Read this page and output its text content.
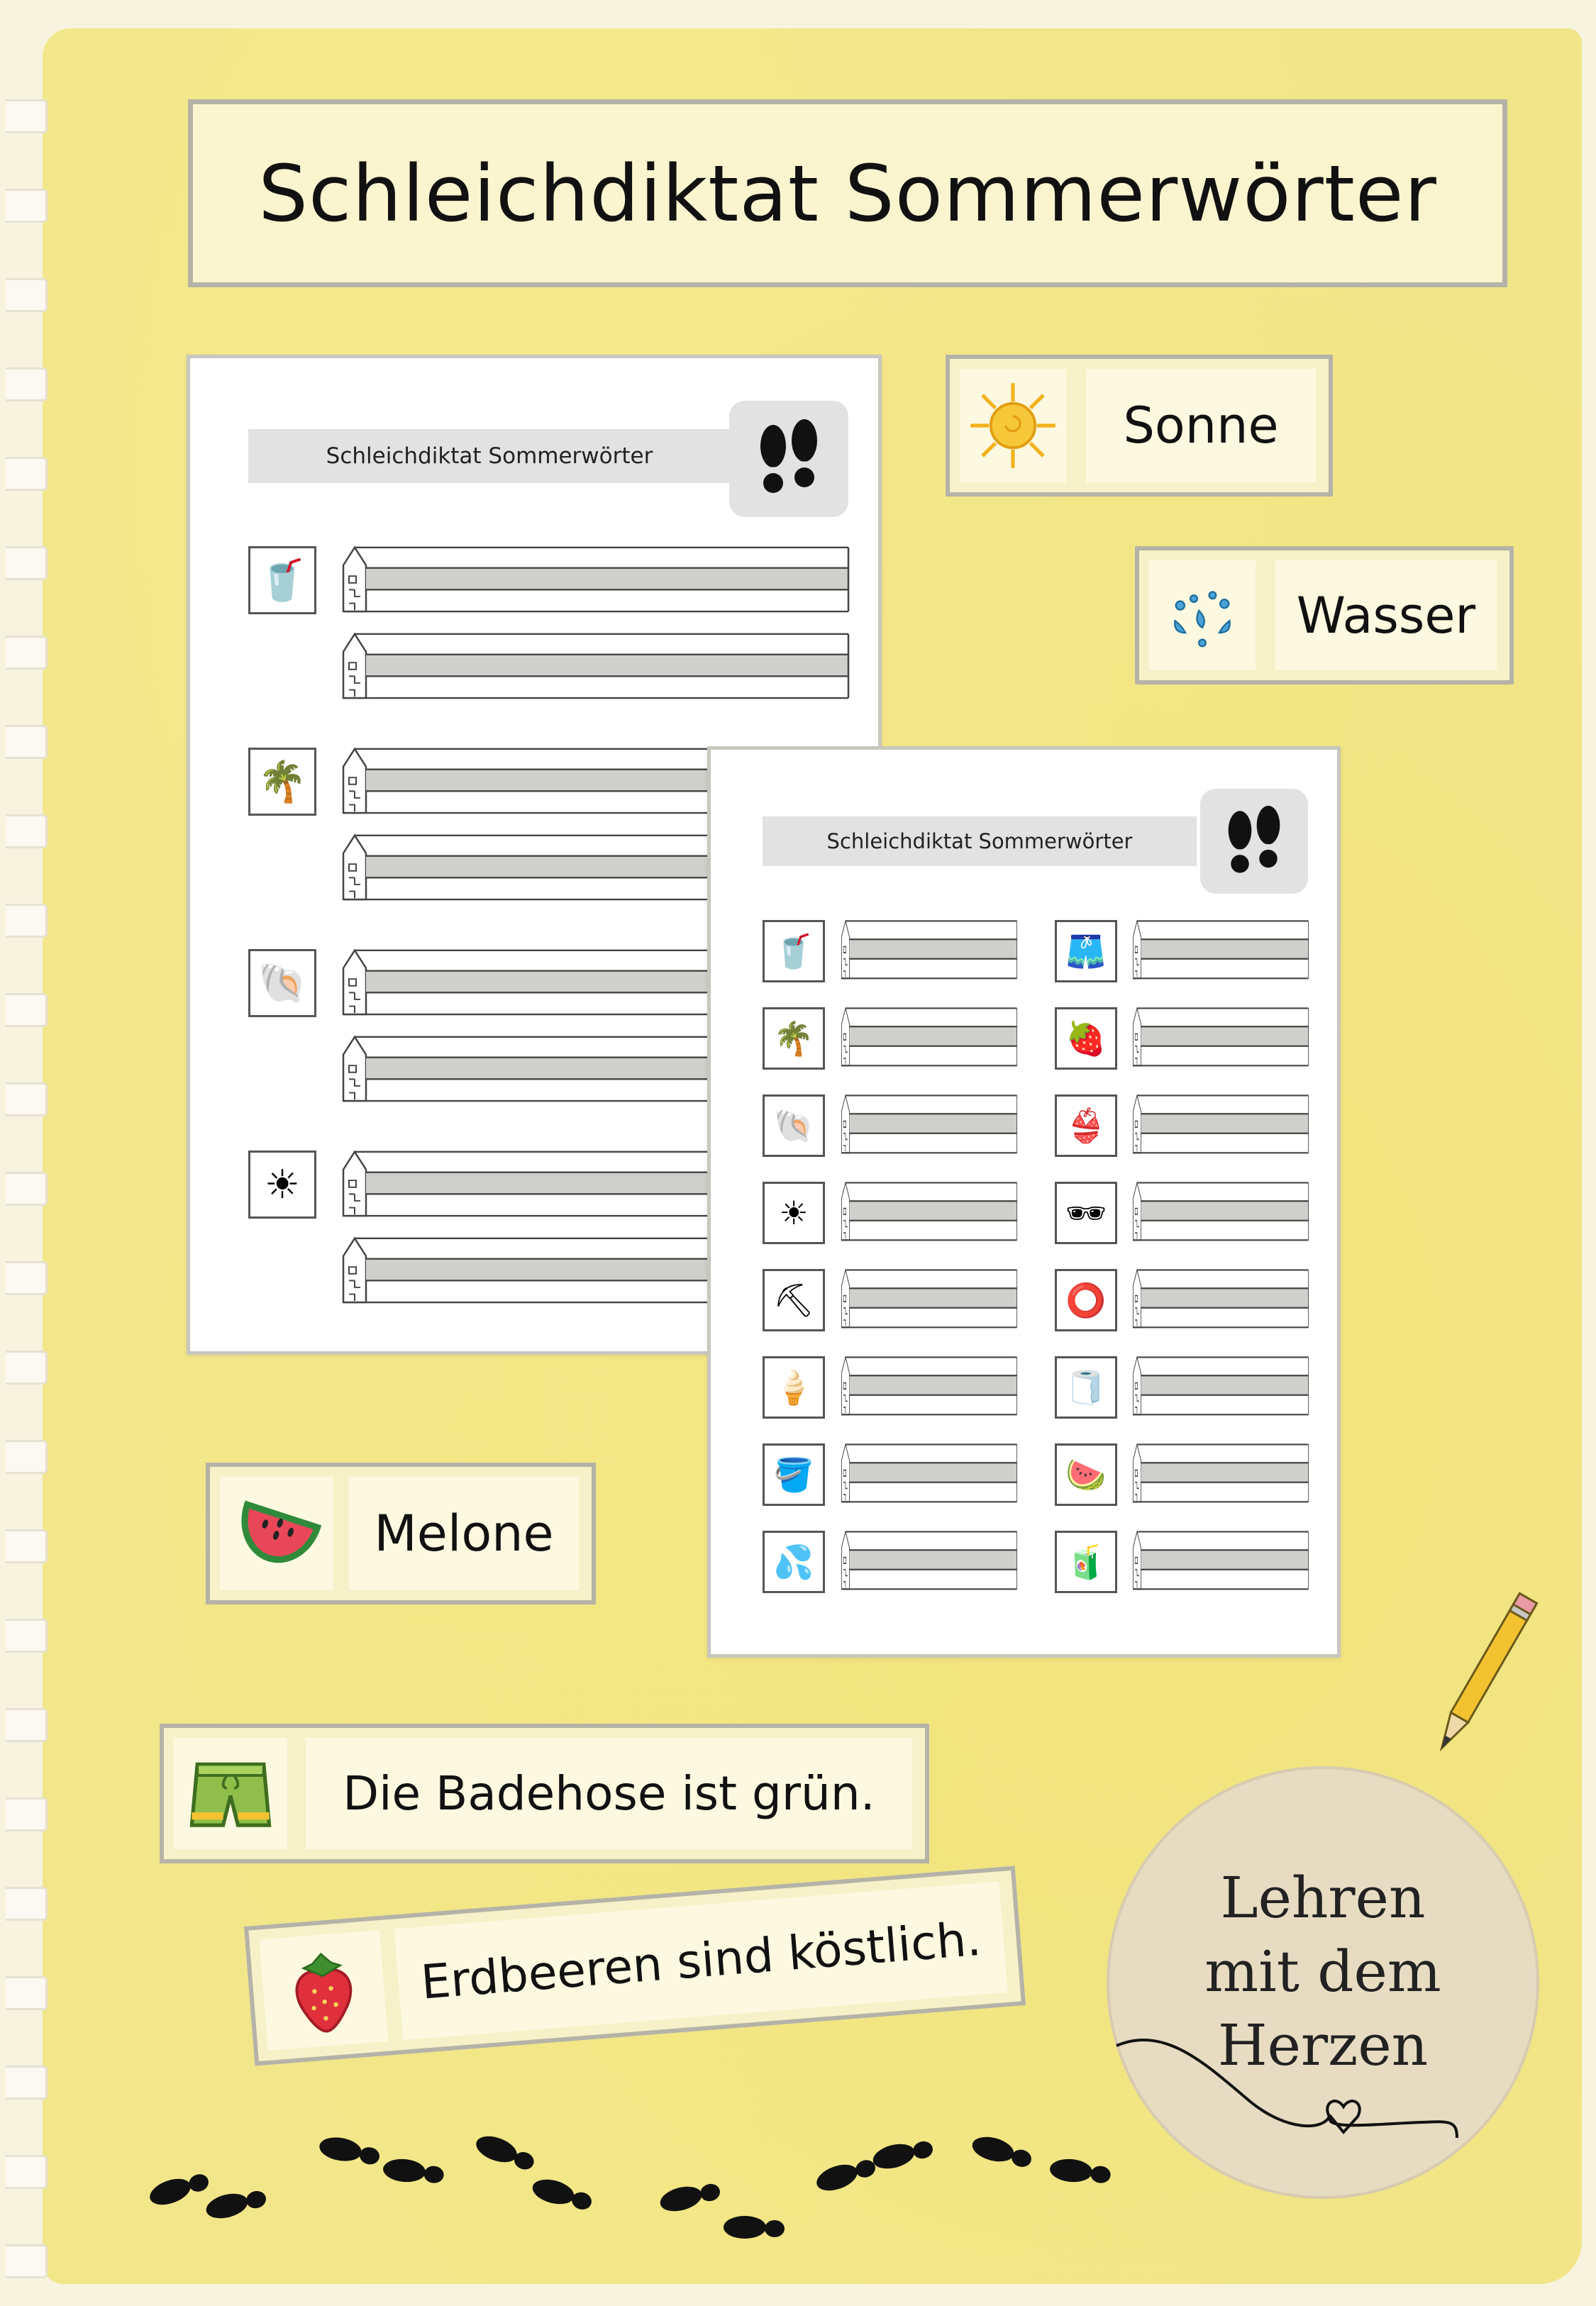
Schleichdiktat Sommerwörter
Schleichdiktat Sommerwörter
🥤
🌴
🐚
☀
Schleichdiktat Sommerwörter
🥤	🩳
🌴	🍓
🐚	👙
☀	🕶
⛏	⭕
🍦	🧻
🪣	🍉
💦	🧃
Sonne
Wasser
Melone
Die Badehose ist grün.
Erdbeeren sind köstlich.
Lehren
mit dem
Herzen
